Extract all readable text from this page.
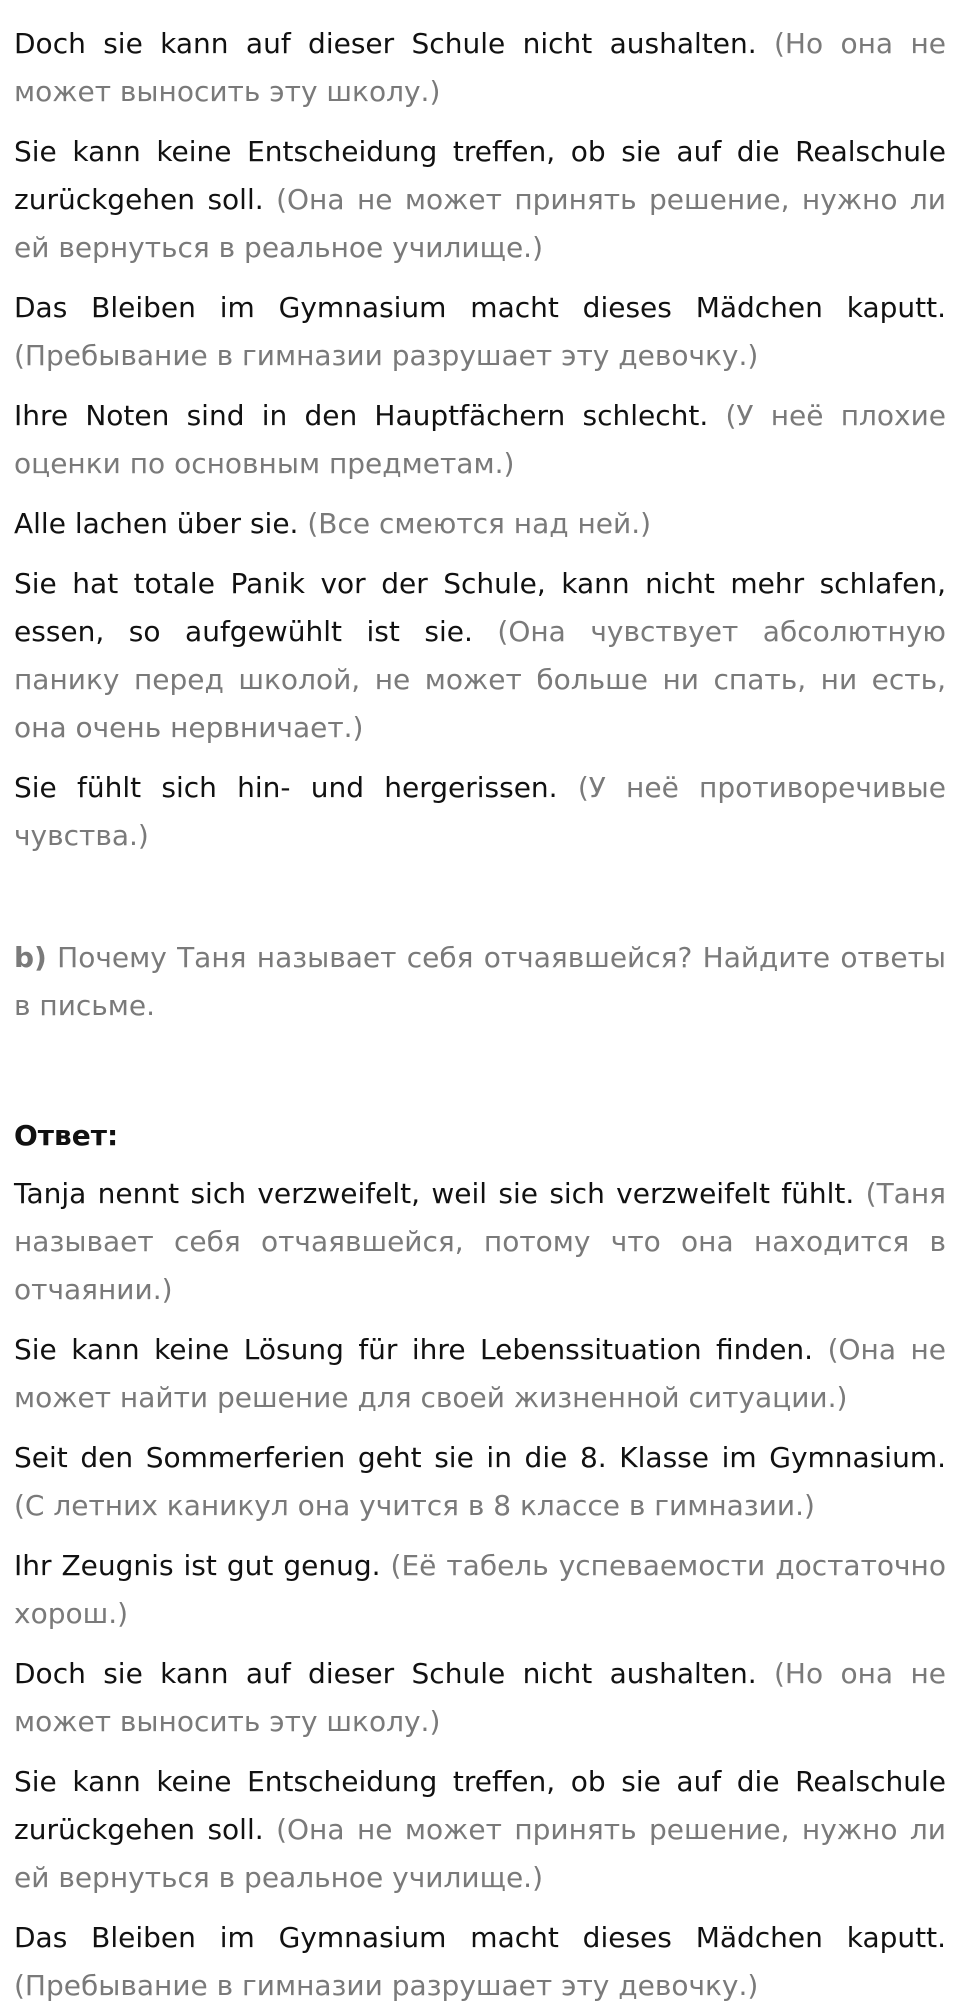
Doch sie kann auf dieser Schule nicht aushalten. (Но она не может выносить эту школу.)

Sie kann keine Entscheidung treffen, ob sie auf die Realschule zurückgehen soll. (Она не может принять решение, нужно ли ей вернуться в реальное училище.)

Das Bleiben im Gymnasium macht dieses Mädchen kaputt. (Пребывание в гимназии разрушает эту девочку.)

Ihre Noten sind in den Hauptfächern schlecht. (У неё плохие оценки по основным предметам.)

Alle lachen über sie. (Все смеются над ней.)

Sie hat totale Panik vor der Schule, kann nicht mehr schlafen, essen, so aufgewühlt ist sie. (Она чувствует абсолютную панику перед школой, не может больше ни спать, ни есть, она очень нервничает.)

Sie fühlt sich hin- und hergerissen. (У неё противоречивые чувства.)

b) Почему Таня называет себя отчаявшейся? Найдите ответы в письме.

Ответ:

Tanja nennt sich verzweifelt, weil sie sich verzweifelt fühlt. (Таня называет себя отчаявшейся, потому что она находится в отчаянии.)

Sie kann keine Lösung für ihre Lebenssituation finden. (Она не может найти решение для своей жизненной ситуации.)

Seit den Sommerferien geht sie in die 8. Klasse im Gymnasium. (С летних каникул она учится в 8 классе в гимназии.)

Ihr Zeugnis ist gut genug. (Её табель успеваемости достаточно хорош.)

Doch sie kann auf dieser Schule nicht aushalten. (Но она не может выносить эту школу.)

Sie kann keine Entscheidung treffen, ob sie auf die Realschule zurückgehen soll. (Она не может принять решение, нужно ли ей вернуться в реальное училище.)

Das Bleiben im Gymnasium macht dieses Mädchen kaputt. (Пребывание в гимназии разрушает эту девочку.)
